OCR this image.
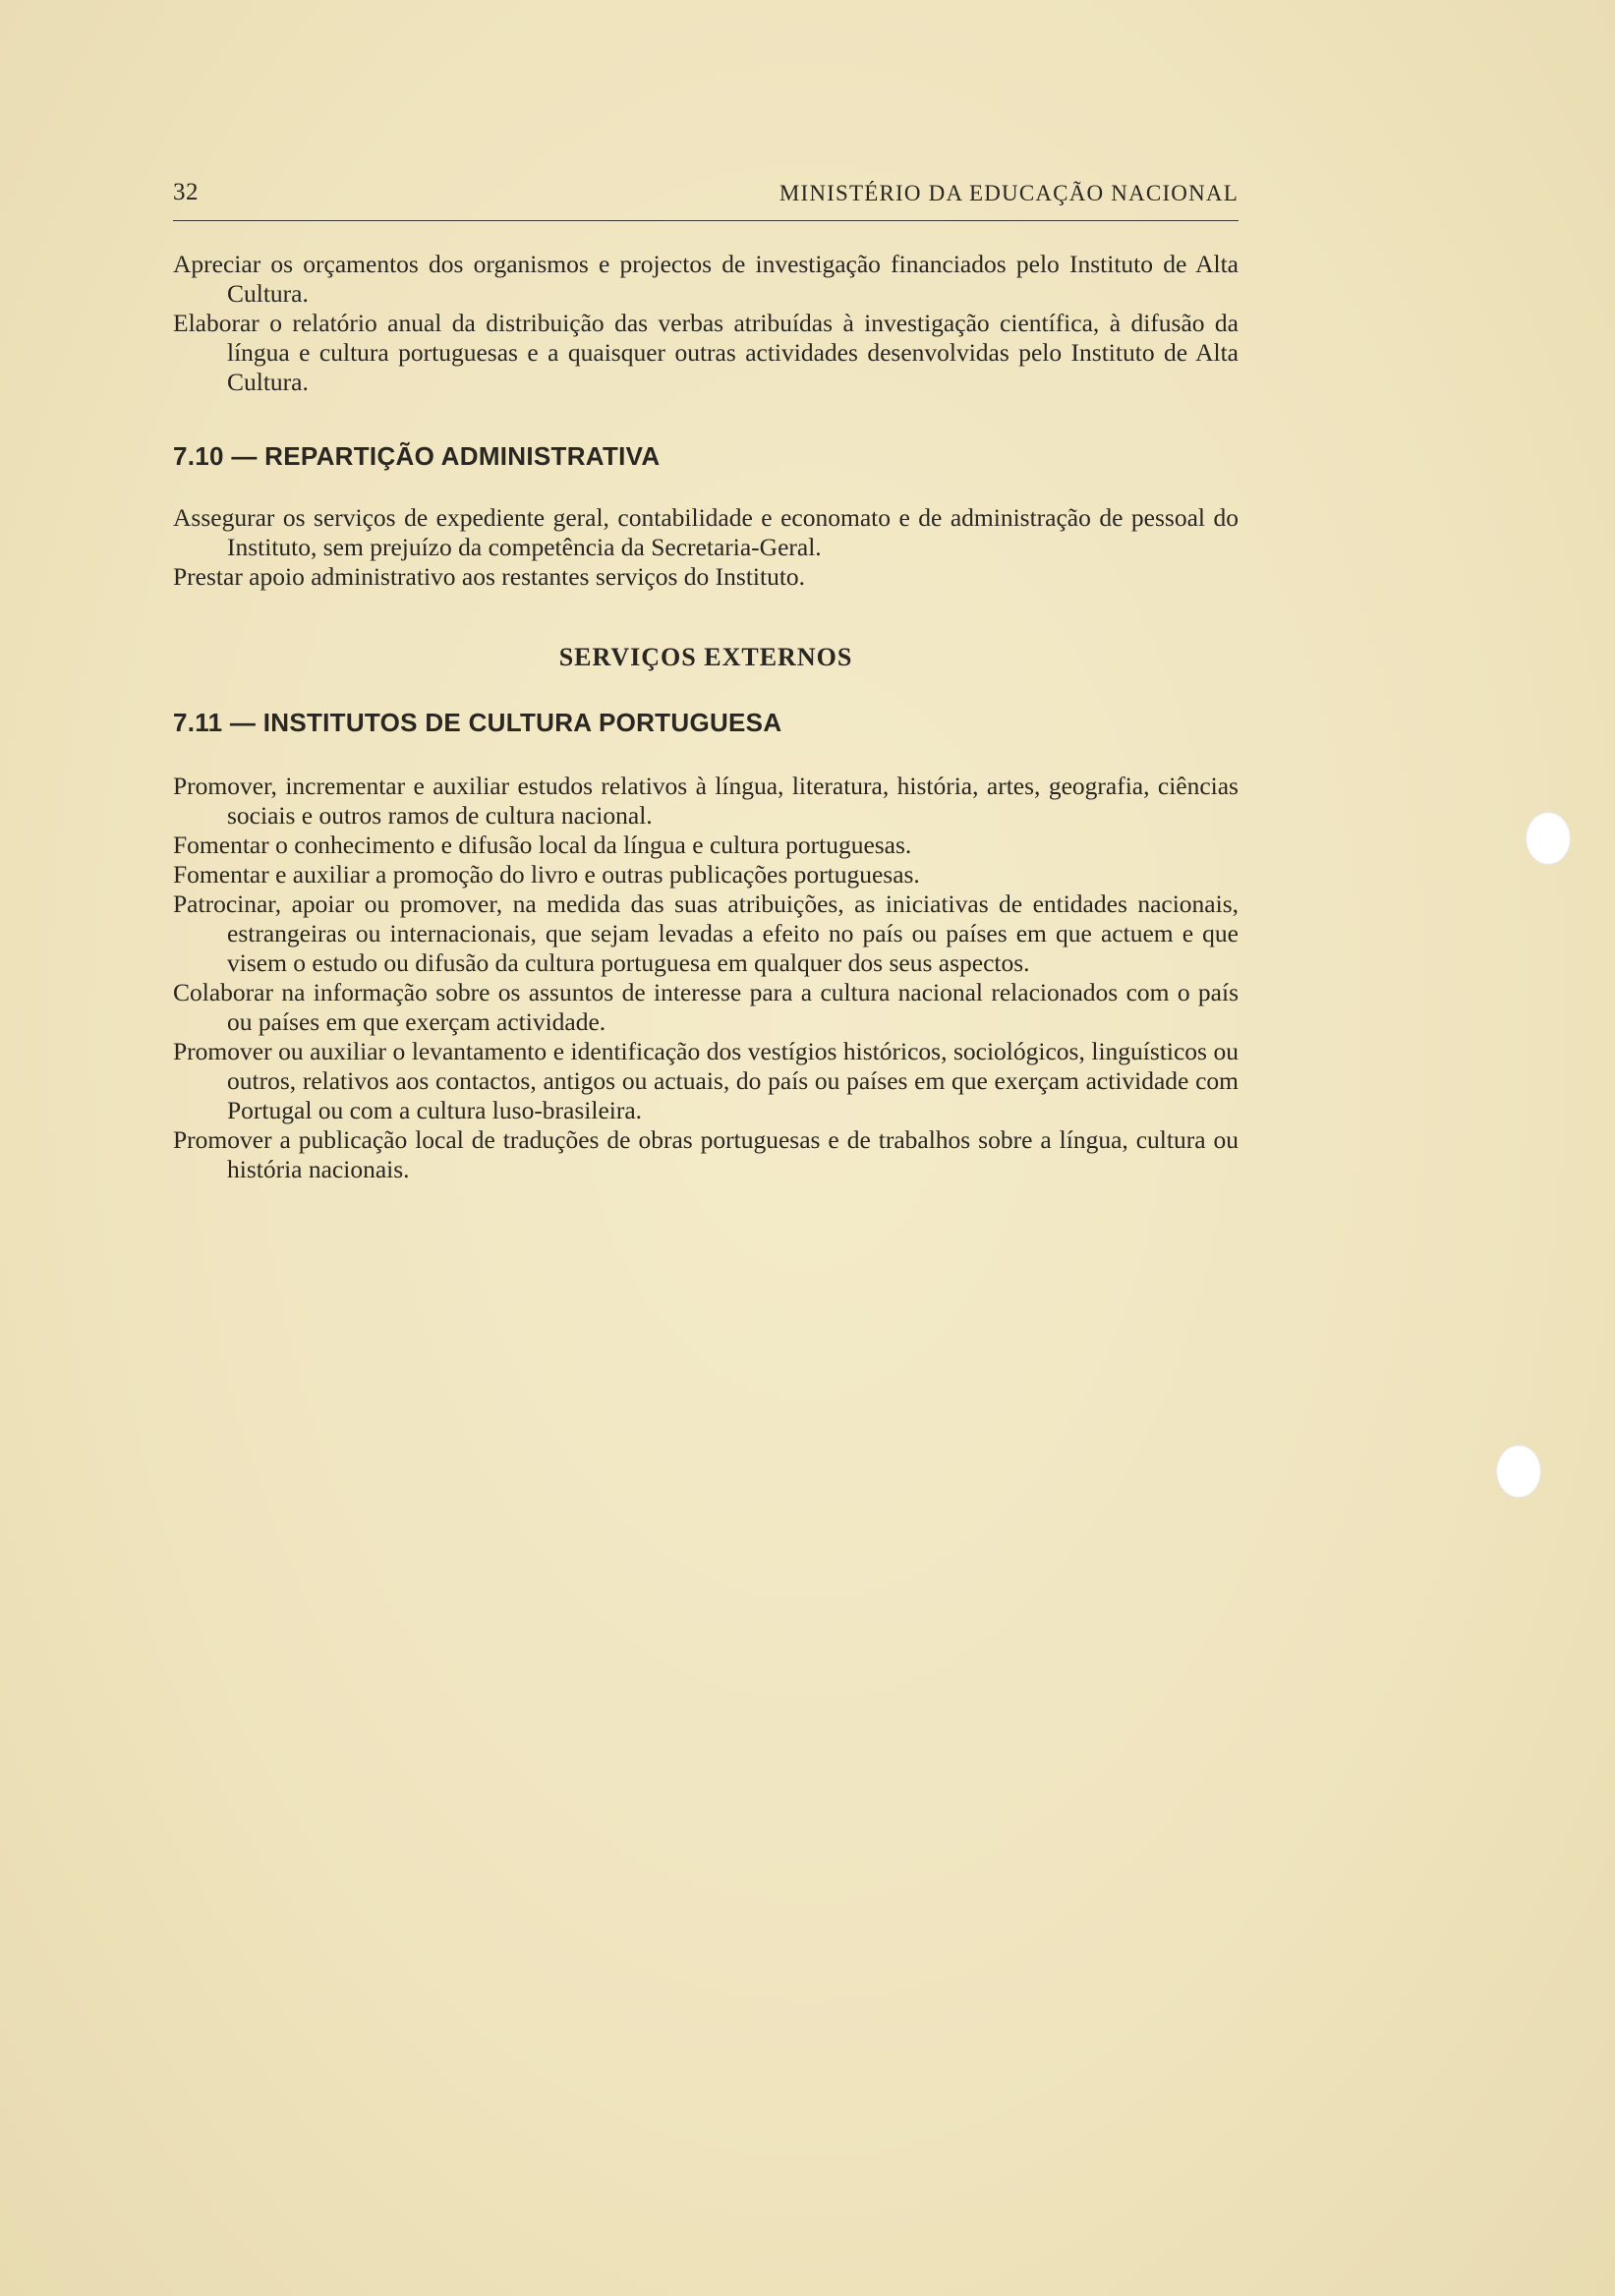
32	MINISTÉRIO DA EDUCAÇÃO NACIONAL

Apreciar os orçamentos dos organismos e projectos de investigação financiados pelo Instituto de Alta Cultura.

Elaborar o relatório anual da distribuição das verbas atribuídas à investigação científica, à difusão da língua e cultura portuguesas e a quaisquer outras actividades desenvolvidas pelo Instituto de Alta Cultura.

7.10 — REPARTIÇÃO ADMINISTRATIVA

Assegurar os serviços de expediente geral, contabilidade e economato e de administração de pessoal do Instituto, sem prejuízo da competência da Secretaria-Geral.

Prestar apoio administrativo aos restantes serviços do Instituto.

SERVIÇOS EXTERNOS
7.11 — INSTITUTOS DE CULTURA PORTUGUESA

Promover, incrementar e auxiliar estudos relativos à língua, literatura, história, artes, geografia, ciências sociais e outros ramos de cultura nacional.

Fomentar o conhecimento e difusão local da língua e cultura portuguesas.

Fomentar e auxiliar a promoção do livro e outras publicações portuguesas.

Patrocinar, apoiar ou promover, na medida das suas atribuições, as iniciativas de entidades nacionais, estrangeiras ou internacionais, que sejam levadas a efeito no país ou países em que actuem e que visem o estudo ou difusão da cultura portuguesa em qualquer dos seus aspectos.

Colaborar na informação sobre os assuntos de interesse para a cultura nacional relacionados com o país ou países em que exerçam actividade.

Promover ou auxiliar o levantamento e identificação dos vestígios históricos, sociológicos, linguísticos ou outros, relativos aos contactos, antigos ou actuais, do país ou países em que exerçam actividade com Portugal ou com a cultura luso-brasileira.

Promover a publicação local de traduções de obras portuguesas e de trabalhos sobre a língua, cultura ou história nacionais.
